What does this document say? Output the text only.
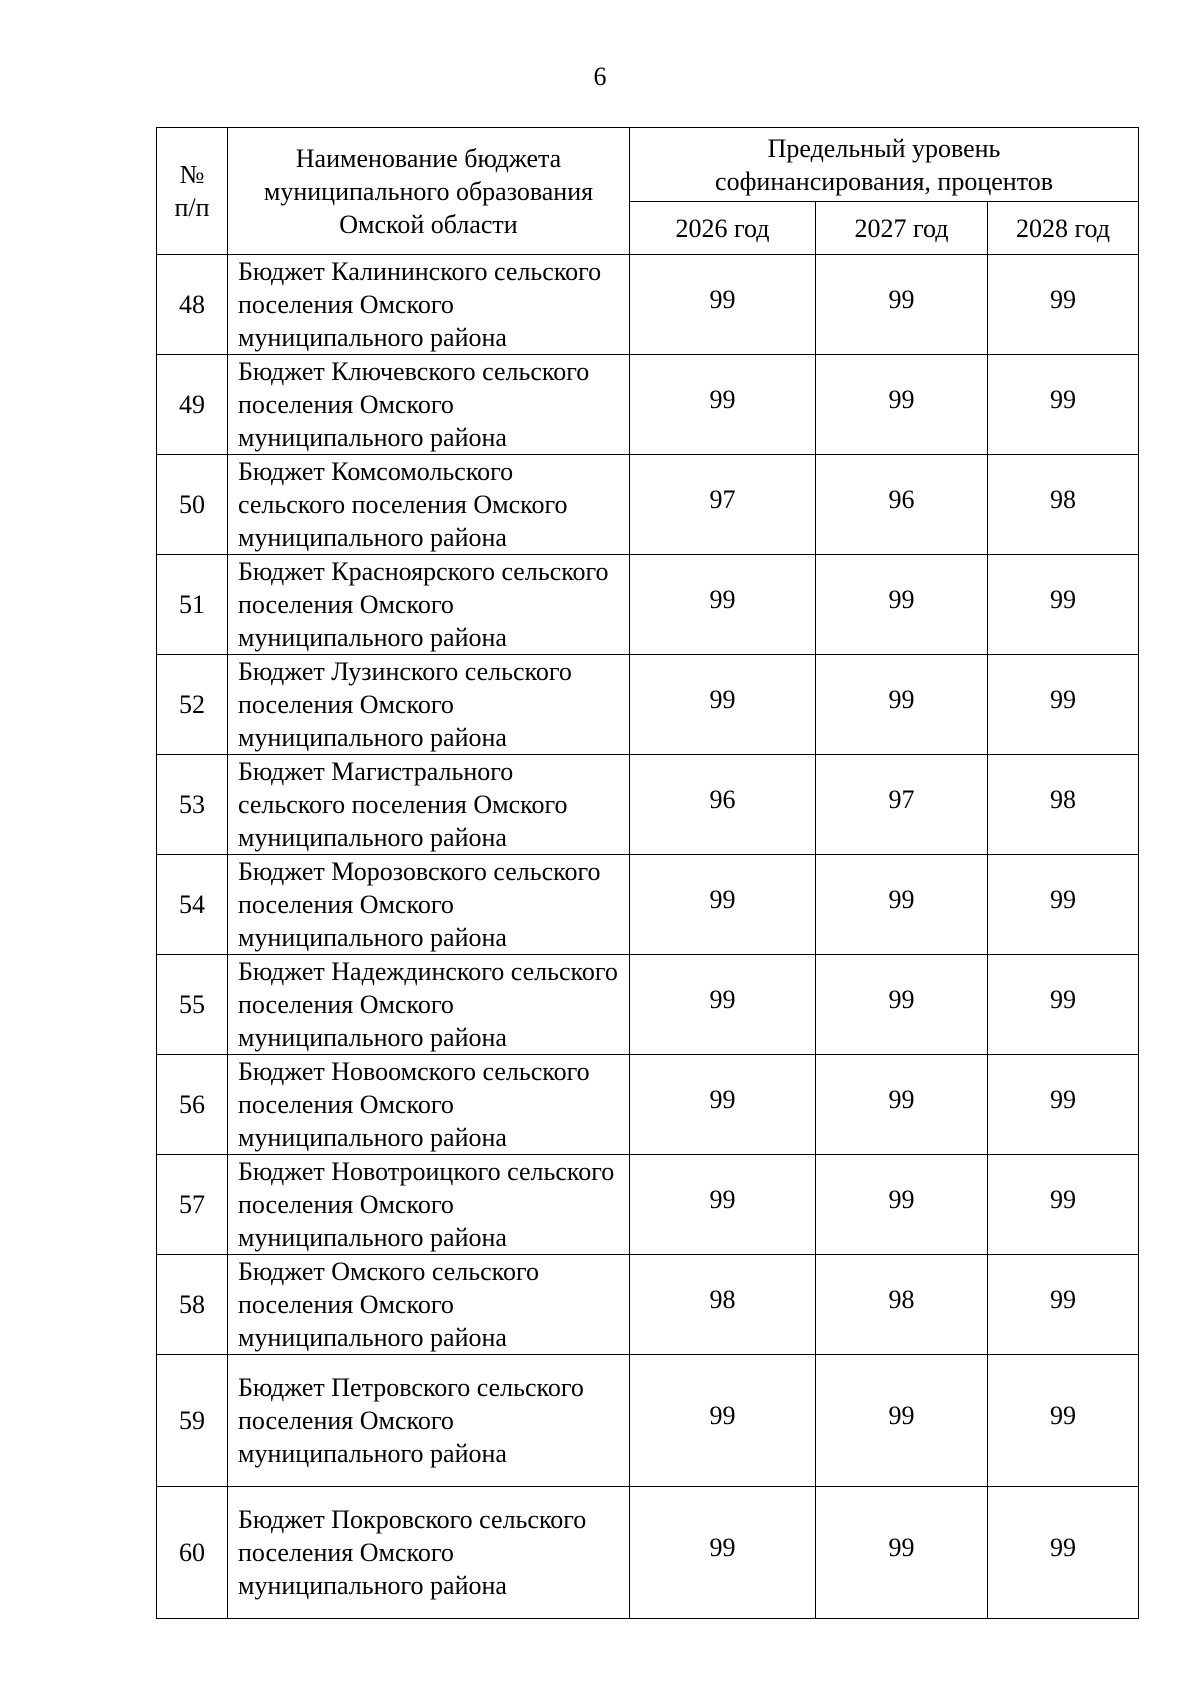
6
№ п/п	Наименование бюджета муниципального образования Омской области	Предельный уровень софинансирования, процентов		

		2026 год	2027 год	2028 год
48	Бюджет Калининского сельского поселения Омского муниципального района	99	99	99
49	Бюджет Ключевского сельского поселения Омского муниципального района	99	99	99
50	Бюджет Комсомольского сельского поселения Омского муниципального района	97	96	98
51	Бюджет Красноярского сельского поселения Омского муниципального района	99	99	99
52	Бюджет Лузинского сельского поселения Омского муниципального района	99	99	99
53	Бюджет Магистрального сельского поселения Омского муниципального района	96	97	98
54	Бюджет Морозовского сельского поселения Омского муниципального района	99	99	99
55	Бюджет Надеждинского сельского поселения Омского муниципального района	99	99	99
56	Бюджет Новоомского сельского поселения Омского муниципального района	99	99	99
57	Бюджет Новотроицкого сельского поселения Омского муниципального района	99	99	99
58	Бюджет Омского сельского поселения Омского муниципального района	98	98	99
59	Бюджет Петровского сельского поселения Омского муниципального района	99	99	99
60	Бюджет Покровского сельского поселения Омского муниципального района	99	99	99
